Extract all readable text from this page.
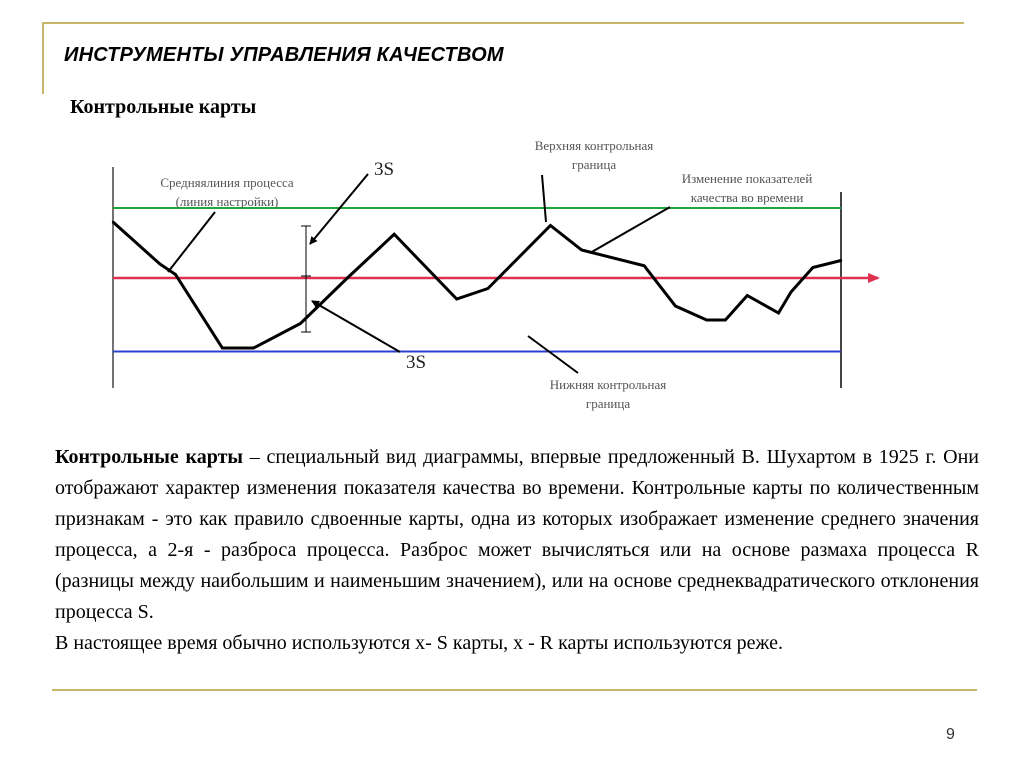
ИНСТРУМЕНТЫ УПРАВЛЕНИЯ КАЧЕСТВОМ
Контрольные карты
Верхняя контрольная граница
Средняялиния процесса (линия настройки)
Изменение показателей качества во времени
Нижняя контрольная граница
3S
3S

Контрольные карты – специальный вид диаграммы, впервые предложенный В. Шухартом в 1925 г. Они отображают характер изменения показателя качества во времени. Контрольные карты по количественным признакам - это как правило сдвоенные карты, одна из которых изображает изменение среднего значения процесса, а 2-я - разброса процесса. Разброс может вычисляться или на основе размаха процесса R (разницы между наибольшим и наименьшим значением), или на основе среднеквадратического отклонения процесса S.

В настоящее время обычно используются x- S карты, x - R карты используются реже.

9
